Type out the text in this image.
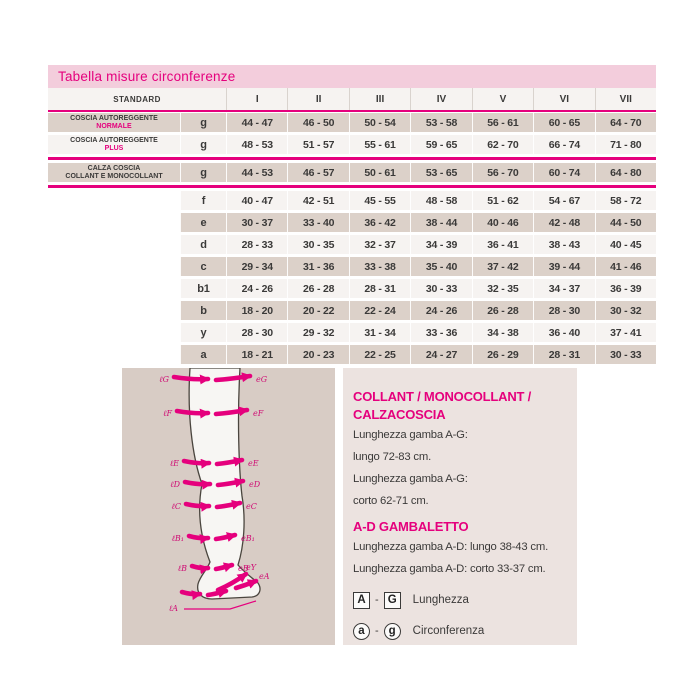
Tabella misure circonferenze
STANDARD	I	II	III	IV	V	VI	VII
COSCIA AUTOREGGENTE
NORMALE	g	44 - 47	46 - 50	50 - 54	53 - 58	56 - 61	60 - 65	64 - 70
COSCIA AUTOREGGENTE
PLUS	g	48 - 53	51 - 57	55 - 61	59 - 65	62 - 70	66 - 74	71 - 80
CALZA COSCIA
COLLANT E MONOCOLLANT	g	44 - 53	46 - 57	50 - 61	53 - 65	56 - 70	60 - 74	64 - 80
f	40 - 47	42 - 51	45 - 55	48 - 58	51 - 62	54 - 67	58 - 72
e	30 - 37	33 - 40	36 - 42	38 - 44	40 - 46	42 - 48	44 - 50
d	28 - 33	30 - 35	32 - 37	34 - 39	36 - 41	38 - 43	40 - 45
c	29 - 34	31 - 36	33 - 38	35 - 40	37 - 42	39 - 44	41 - 46
b1	24 - 26	26 - 28	28 - 31	30 - 33	32 - 35	34 - 37	36 - 39
b	18 - 20	20 - 22	22 - 24	24 - 26	26 - 28	28 - 30	30 - 32
y	28 - 30	29 - 32	31 - 34	33 - 36	34 - 38	36 - 40	37 - 41
a	18 - 21	20 - 23	22 - 25	24 - 27	26 - 29	28 - 31	30 - 33
ℓG	eG
ℓF	eF
ℓE	eE
ℓD	eD
ℓC	eC
ℓB₁	eB₁
ℓB	eB
eY
eA
ℓA
COLLANT / MONOCOLLANT /
CALZACOSCIA
Lunghezza gamba A-G:
lungo 72-83 cm.
Lunghezza gamba A-G:
corto 62-71 cm.
A-D GAMBALETTO
Lunghezza gamba A-D: lungo 38-43 cm.
Lunghezza gamba A-D: corto 33-37 cm.
A - G	Lunghezza
a - g	Circonferenza
